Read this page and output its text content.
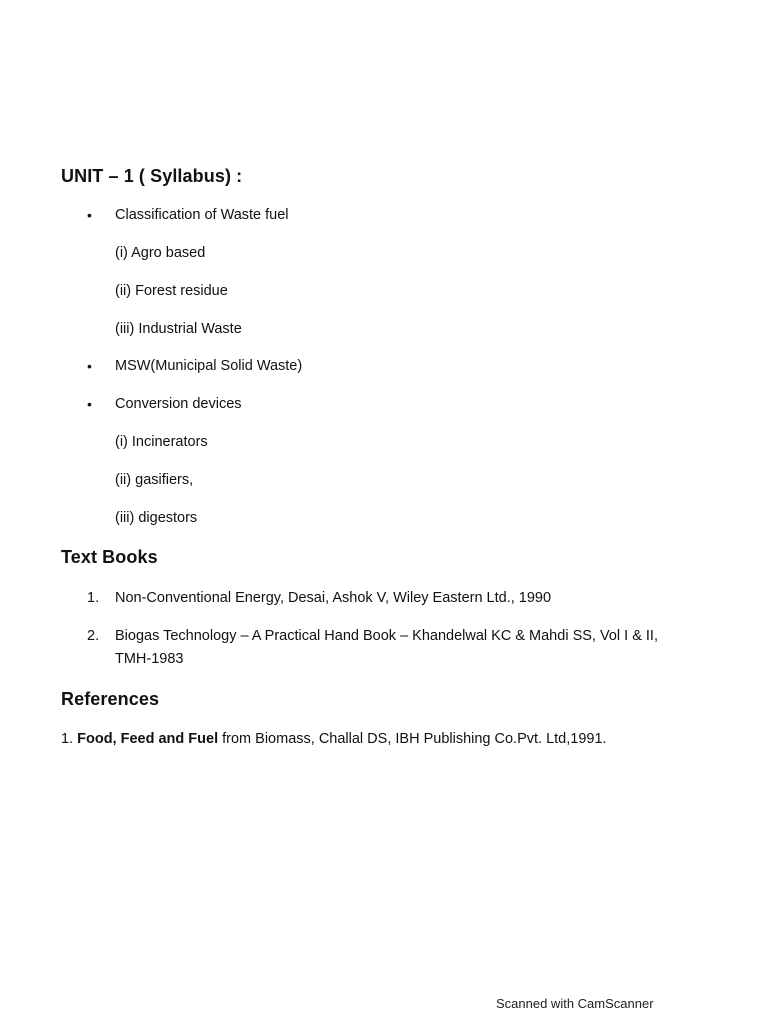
UNIT – 1 ( Syllabus) :
• Classification of Waste fuel
(i) Agro based
(ii) Forest residue
(iii) Industrial Waste
• MSW(Municipal Solid Waste)
• Conversion devices
(i) Incinerators
(ii) gasifiers,
(iii) digestors
Text Books
1. Non-Conventional Energy, Desai, Ashok V, Wiley Eastern Ltd., 1990
2. Biogas Technology – A Practical Hand Book – Khandelwal KC & Mahdi SS, Vol I & II,
TMH-1983
References
1. Food, Feed and Fuel from Biomass, Challal DS, IBH Publishing Co.Pvt. Ltd,1991.
Scanned with CamScanner
